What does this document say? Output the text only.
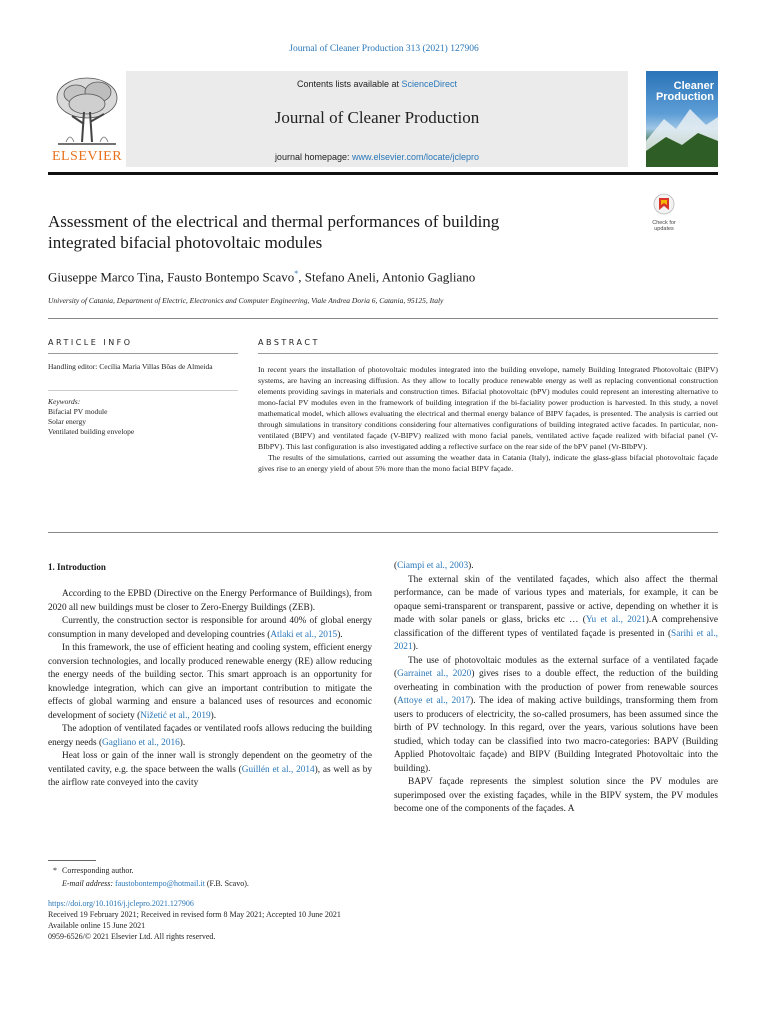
Journal of Cleaner Production 313 (2021) 127906
ELSEVIER
Contents lists available at ScienceDirect
Journal of Cleaner Production
journal homepage: www.elsevier.com/locate/jclepro
Cleaner
Production
Assessment of the electrical and thermal performances of building
integrated bifacial photovoltaic modules
Check for
updates
Giuseppe Marco Tina, Fausto Bontempo Scavo*, Stefano Aneli, Antonio Gagliano
University of Catania, Department of Electric, Electronics and Computer Engineering, Viale Andrea Doria 6, Catania, 95125, Italy
ARTICLE INFO
Handling editor: Cecília Maria Villas Bôas de Almeida
Keywords:
Bifacial PV module
Solar energy
Ventilated building envelope
ABSTRACT

In recent years the installation of photovoltaic modules integrated into the building envelope, namely Building Integrated Photovoltaic (BIPV) systems, are having an increasing diffusion. As they allow to locally produce renewable energy as well as replacing conventional construction elements providing savings in materials and construction times. Bifacial photovoltaic (bPV) modules could represent an interesting alternative to mono-facial PV modules even in the framework of building integration if the bi-faciality power production is harvested. In this study, a novel mathematical model, which allows evaluating the electrical and thermal energy balance of BIPV façades, is presented. The analysis is carried out through simulations in transitory conditions considering four alternatives configurations of building integrated active facades. In particular, non-ventilated (BIPV) and ventilated façade (V-BIPV) realized with mono facial panels, ventilated active façade realized with bifacial panel (V-BIbPV). This last configuration is also investigated adding a reflective surface on the rear side of the bPV panel (Vr-BIbPV).

The results of the simulations, carried out assuming the weather data in Catania (Italy), indicate the glass-glass bifacial photovoltaic façade gives rise to an energy yield of about 5% more than the mono facial BIPV façade.

1. Introduction

According to the EPBD (Directive on the Energy Performance of Buildings), from 2020 all new buildings must be closer to Zero-Energy Buildings (ZEB).

Currently, the construction sector is responsible for around 40% of global energy consumption in many developed and developing countries (Atlaki et al., 2015).

In this framework, the use of efficient heating and cooling system, efficient energy conversion technologies, and locally produced renewable energy (RE) allow reducing the energy needs of the building sector. This smart approach is an opportunity for knowledge integration, which can give an important contribution to mitigate the effects of global warming and ensure a balanced uses of resources and economic development of society (Nižetić et al., 2019).

The adoption of ventilated façades or ventilated roofs allows reducing the building energy needs (Gagliano et al., 2016).

Heat loss or gain of the inner wall is strongly dependent on the geometry of the ventilated cavity, e.g. the space between the walls (Guillén et al., 2014), as well as by the airflow rate conveyed into the cavity

(Ciampi et al., 2003).

The external skin of the ventilated façades, which also affect the thermal performance, can be made of various types and materials, for example, it can be opaque semi-transparent or transparent, passive or active, depending on whether it is made with solar panels or glass, bricks etc … (Yu et al., 2021).A comprehensive classification of the different types of ventilated façade is presented in (Sarihi et al., 2021).

The use of photovoltaic modules as the external surface of a ventilated façade (Garrainet al., 2020) gives rises to a double effect, the reduction of the building overheating in combination with the production of power from renewable sources (Attoye et al., 2017). The idea of making active buildings, transforming them from users to producers of electricity, the so-called prosumers, has been assumed since the birth of PV technology. In this regard, over the years, various solutions have been studied, which today can be classified into two macro-categories: BAPV (Building Applied Photovoltaic façade) and BIPV (Building Integrated Photovoltaic into the building).

BAPV façade represents the simplest solution since the PV modules are superimposed over the existing façades, while in the BIPV system, the PV modules become one of the components of the façades. A

* Corresponding author.
E-mail address: faustobontempo@hotmail.it (F.B. Scavo).
https://doi.org/10.1016/j.jclepro.2021.127906
Received 19 February 2021; Received in revised form 8 May 2021; Accepted 10 June 2021
Available online 15 June 2021
0959-6526/© 2021 Elsevier Ltd. All rights reserved.
